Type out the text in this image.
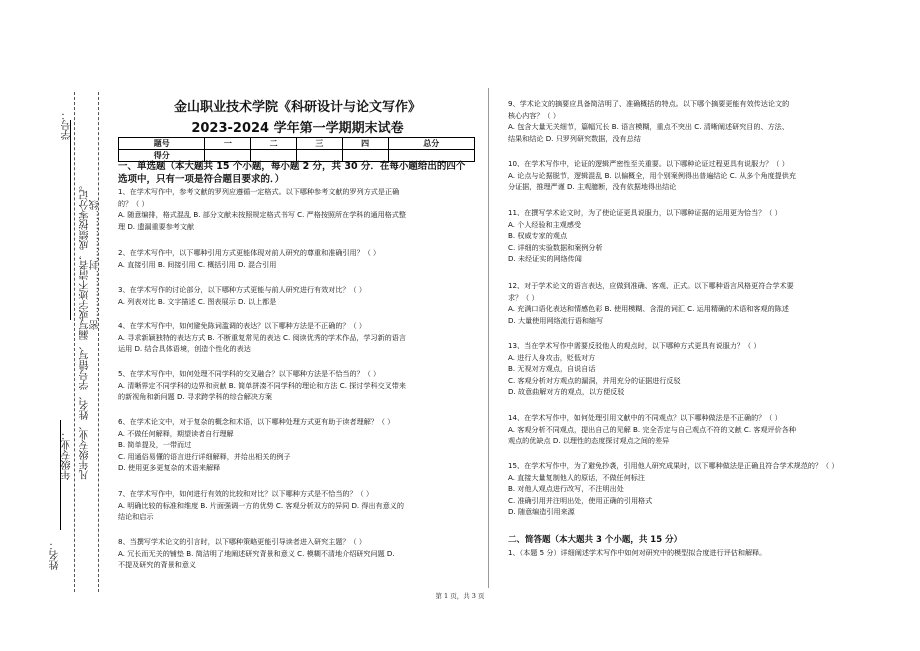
姓名：
年级专业：
学号：
凡年级专业、姓名、学号错写、漏写或字迹不清者，成绩按零分记。 密……………封……………线
金山职业技术学院《科研设计与论文写作》
2023-2024 学年第一学期期末试卷
题号	一	二	三	四	总分
得分					
一、单选题（本大题共 15 个小题，每小题 2 分，共 30 分．在每小题给出的四个
选项中，只有一项是符合题目要求的．）
1、在学术写作中，参考文献的罗列应遵循一定格式。以下哪种参考文献的罗列方式是正确
的？（ ）
A. 随意编排，格式混乱 B. 部分文献未按照规定格式书写 C. 严格按照所在学科的通用格式整
理 D. 遗漏重要参考文献
2、在学术写作中，以下哪种引用方式更能体现对前人研究的尊重和准确引用？（ ）
A. 直接引用 B. 间接引用 C. 概括引用 D. 混合引用
3、在学术写作的讨论部分，以下哪种方式更能与前人研究进行有效对比？（ ）
A. 列表对比 B. 文字描述 C. 图表展示 D. 以上都是
4、在学术写作中，如何避免陈词滥调的表达？以下哪种方法是不正确的？（ ）
A. 寻求新颖独特的表达方式 B. 不断重复常见的表达 C. 阅读优秀的学术作品，学习新的语言
运用 D. 结合具体语境，创造个性化的表达
5、在学术写作中，如何处理不同学科的交叉融合？以下哪种方法是不恰当的？（ ）
A. 清晰界定不同学科的边界和贡献 B. 简单拼凑不同学科的理论和方法 C. 探讨学科交叉带来
的新视角和新问题 D. 寻求跨学科的综合解决方案
6、在学术论文中，对于复杂的概念和术语，以下哪种处理方式更有助于读者理解？（ ）
A. 不做任何解释，期望读者自行理解
B. 简单提及，一带而过
C. 用通俗易懂的语言进行详细解释，并给出相关的例子
D. 使用更多更复杂的术语来解释
7、在学术写作中，如何进行有效的比较和对比？以下哪种方式是不恰当的？（ ）
A. 明确比较的标准和维度 B. 片面强调一方的优势 C. 客观分析双方的异同 D. 得出有意义的
结论和启示
8、当撰写学术论文的引言时，以下哪种策略更能引导读者进入研究主题？（ ）
A. 冗长而无关的铺垫 B. 简洁明了地阐述研究背景和意义 C. 模糊不清地介绍研究问题 D.
不提及研究的背景和意义
9、学术论文的摘要应具备简洁明了、准确概括的特点。以下哪个摘要更能有效传达论文的
核心内容？（ ）
A. 包含大量无关细节，篇幅冗长 B. 语言模糊，重点不突出 C. 清晰阐述研究目的、方法、
结果和结论 D. 只罗列研究数据，没有总结
10、在学术写作中，论证的逻辑严密性至关重要。以下哪种论证过程更具有说服力？（ ）
A. 论点与论据脱节，逻辑混乱 B. 以偏概全，用个别案例得出普遍结论 C. 从多个角度提供充
分证据，推理严谨 D. 主观臆断，没有依据地得出结论
11、在撰写学术论文时，为了使论证更具说服力，以下哪种证据的运用更为恰当？（ ）
A. 个人经验和主观感受
B. 权威专家的观点
C. 详细的实验数据和案例分析
D. 未经证实的网络传闻
12、对于学术论文的语言表达，应做到准确、客观、正式。以下哪种语言风格更符合学术要
求？（ ）
A. 充满口语化表达和情感色彩 B. 使用模糊、含混的词汇 C. 运用精确的术语和客观的陈述
D. 大量使用网络流行语和缩写
13、当在学术写作中需要反驳他人的观点时，以下哪种方式更具有说服力？（ ）
A. 进行人身攻击，贬低对方
B. 无视对方观点，自说自话
C. 客观分析对方观点的漏洞，并用充分的证据进行反驳
D. 故意曲解对方的观点，以方便反驳
14、在学术写作中，如何处理引用文献中的不同观点？以下哪种做法是不正确的？（ ）
A. 客观分析不同观点，提出自己的见解 B. 完全否定与自己观点不符的文献 C. 客观评价各种
观点的优缺点 D. 以理性的态度探讨观点之间的差异
15、在学术写作中，为了避免抄袭，引用他人研究成果时，以下哪种做法是正确且符合学术规范的？（ ）
A. 直接大量复制他人的原话，不做任何标注
B. 对他人观点进行改写，不注明出处
C. 准确引用并注明出处，使用正确的引用格式
D. 随意编造引用来源
二、简答题（本大题共 3 个小题，共 15 分）
1、（本题 5 分）详细阐述学术写作中如何对研究中的模型拟合度进行评估和解释。
第 1 页，共 3 页
